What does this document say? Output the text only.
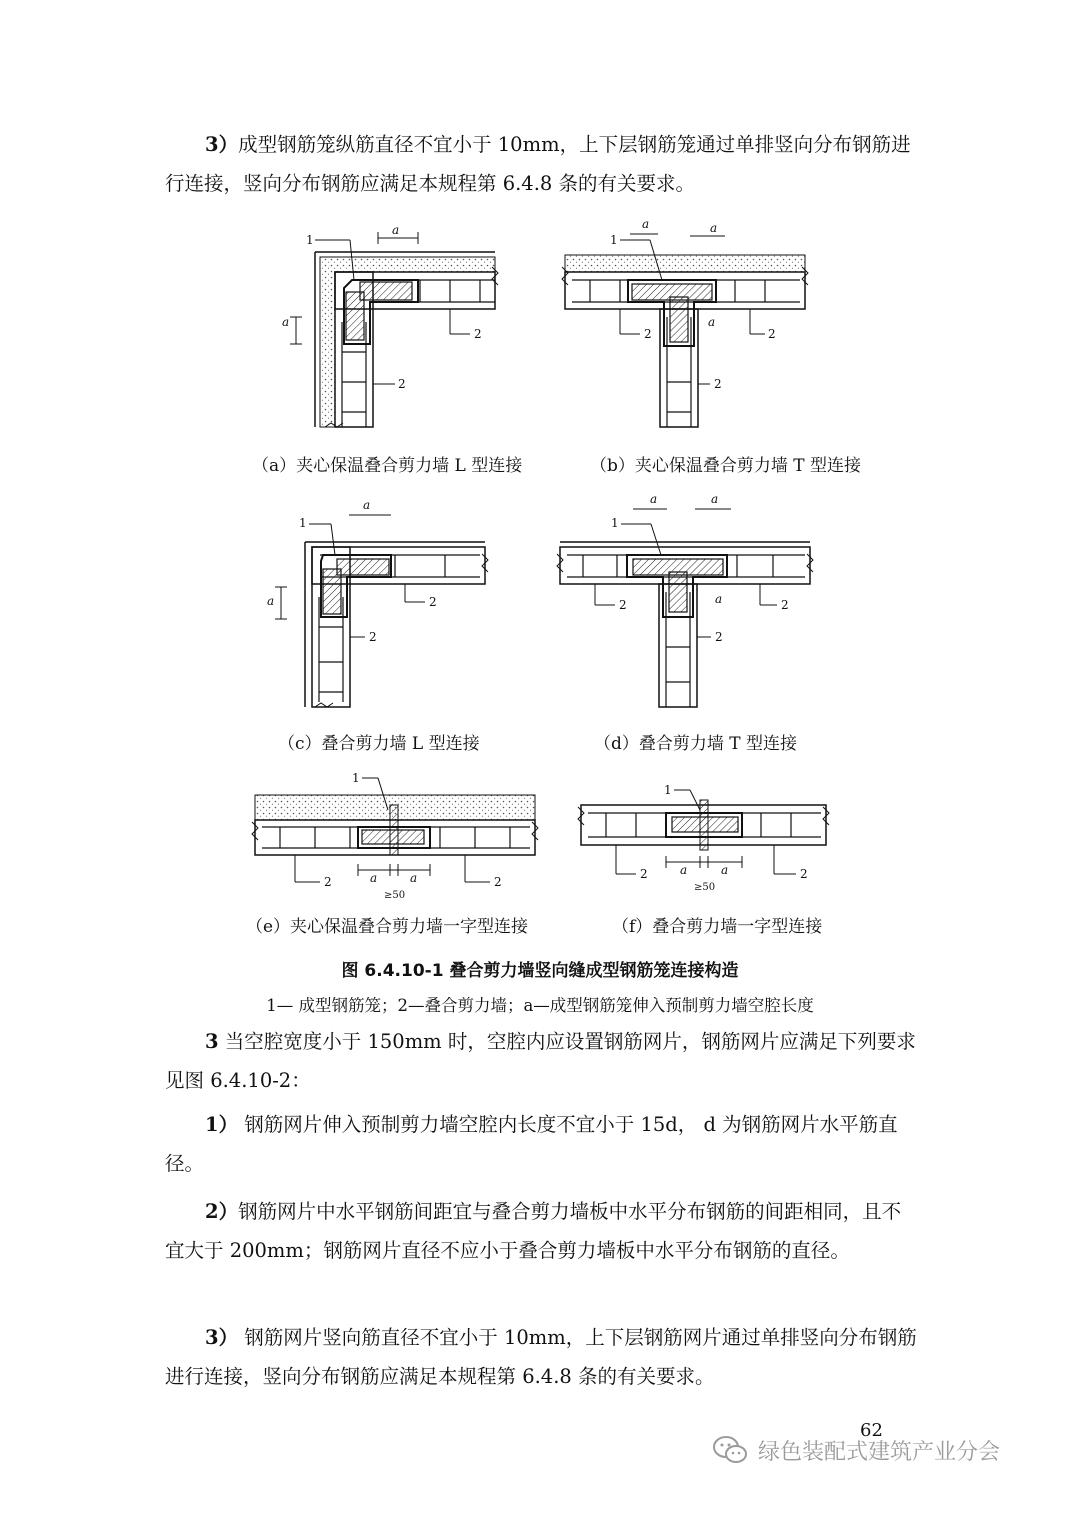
3）成型钢筋笼纵筋直径不宜小于 10mm，上下层钢筋笼通过单排竖向分布钢筋进行连接，竖向分布钢筋应满足本规程第 6.4.8 条的有关要求。

1
a
a
2
2
1
a	a
2	2
a
2
（a）夹心保温叠合剪力墙 L 型连接	（b）夹心保温叠合剪力墙 T 型连接
1
a
a	2
2
1
a	a
2	2
a
2
（c）叠合剪力墙 L 型连接	（d）叠合剪力墙 T 型连接
1
2	2
a	a
≥50
1
2	2
a	a
≥50
（e）夹心保温叠合剪力墙一字型连接	（f）叠合剪力墙一字型连接
图 6.4.10-1 叠合剪力墙竖向缝成型钢筋笼连接构造
1— 成型钢筋笼；2—叠合剪力墙；a—成型钢筋笼伸入预制剪力墙空腔长度

3 当空腔宽度小于 150mm 时，空腔内应设置钢筋网片，钢筋网片应满足下列要求见图 6.4.10-2：

1） 钢筋网片伸入预制剪力墙空腔内长度不宜小于 15d， d 为钢筋网片水平筋直径。

2）钢筋网片中水平钢筋间距宜与叠合剪力墙板中水平分布钢筋的间距相同，且不宜大于 200mm；钢筋网片直径不应小于叠合剪力墙板中水平分布钢筋的直径。

3） 钢筋网片竖向筋直径不宜小于 10mm，上下层钢筋网片通过单排竖向分布钢筋进行连接，竖向分布钢筋应满足本规程第 6.4.8 条的有关要求。

62
绿色装配式建筑产业分会
